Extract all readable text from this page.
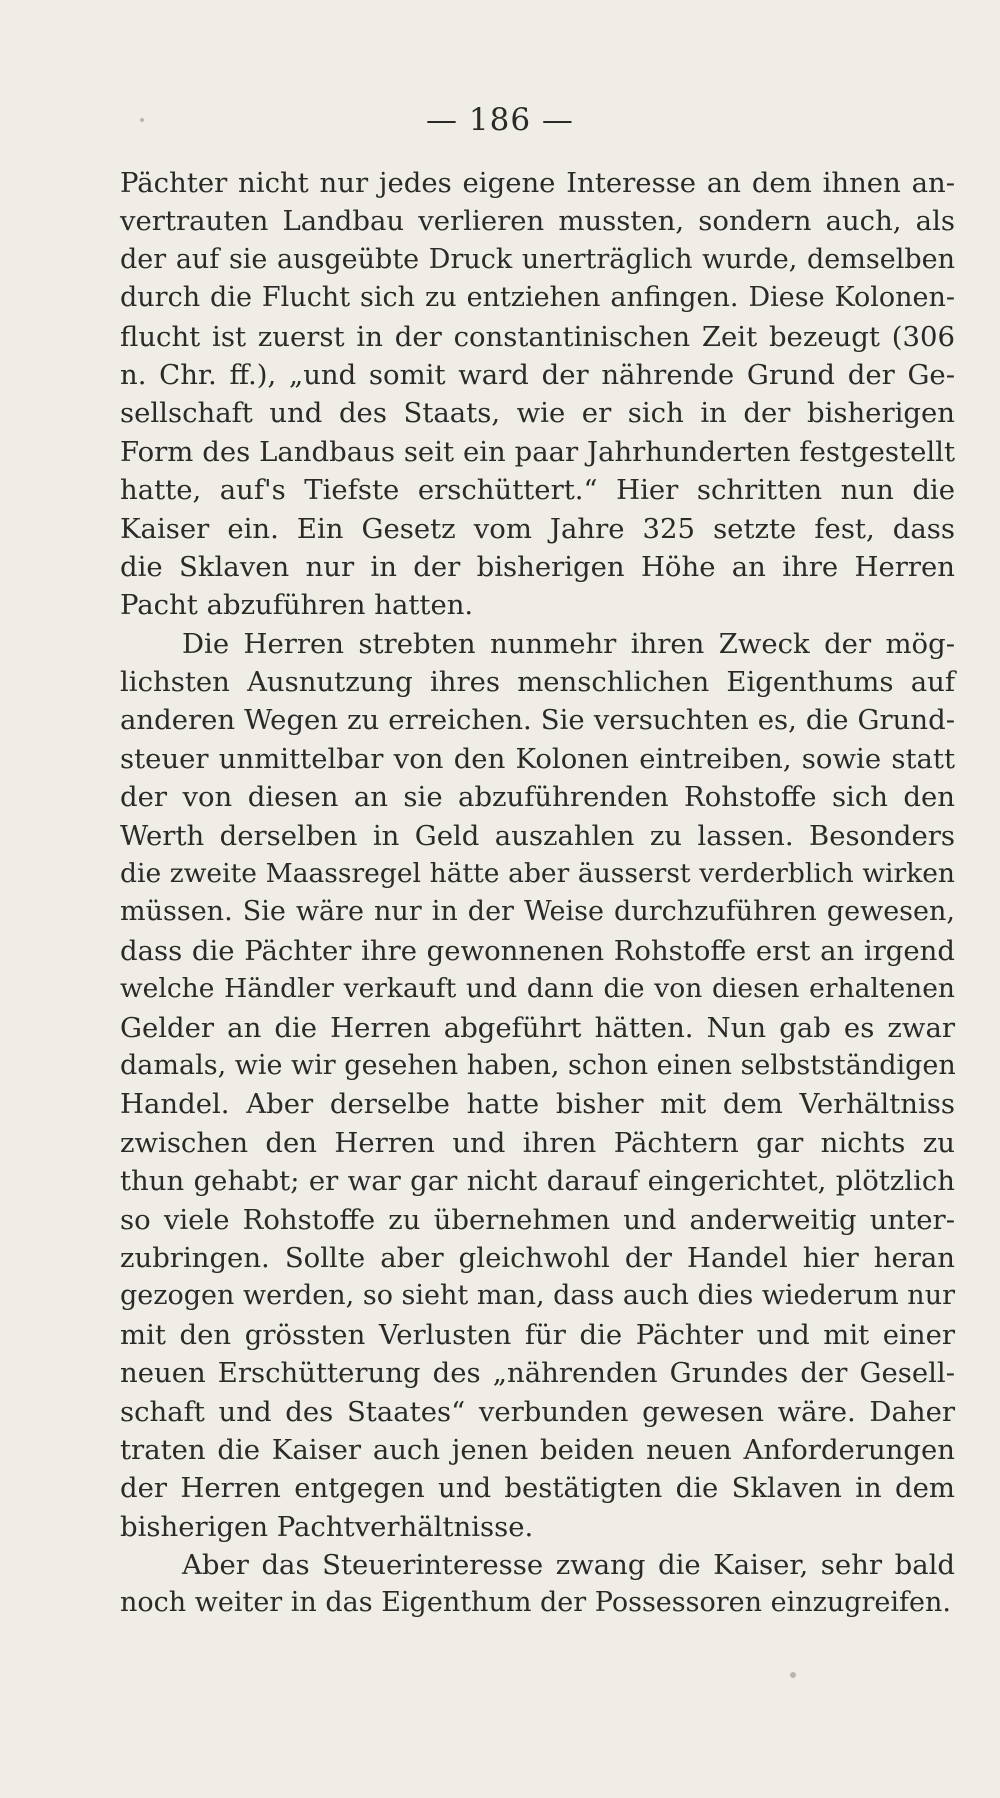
— 186 —
Pächter nicht nur jedes eigene Interesse an dem ihnen an-
vertrauten Landbau verlieren mussten, sondern auch, als
der auf sie ausgeübte Druck unerträglich wurde, demselben
durch die Flucht sich zu entziehen anfingen. Diese Kolonen-
flucht ist zuerst in der constantinischen Zeit bezeugt (306
n. Chr. ff.), „und somit ward der nährende Grund der Ge-
sellschaft und des Staats, wie er sich in der bisherigen
Form des Landbaus seit ein paar Jahrhunderten festgestellt
hatte, auf's Tiefste erschüttert.“ Hier schritten nun die
Kaiser ein. Ein Gesetz vom Jahre 325 setzte fest, dass
die Sklaven nur in der bisherigen Höhe an ihre Herren
Pacht abzuführen hatten.
Die Herren strebten nunmehr ihren Zweck der mög-
lichsten Ausnutzung ihres menschlichen Eigenthums auf
anderen Wegen zu erreichen. Sie versuchten es, die Grund-
steuer unmittelbar von den Kolonen eintreiben, sowie statt
der von diesen an sie abzuführenden Rohstoffe sich den
Werth derselben in Geld auszahlen zu lassen. Besonders
die zweite Maassregel hätte aber äusserst verderblich wirken
müssen. Sie wäre nur in der Weise durchzuführen gewesen,
dass die Pächter ihre gewonnenen Rohstoffe erst an irgend
welche Händler verkauft und dann die von diesen erhaltenen
Gelder an die Herren abgeführt hätten. Nun gab es zwar
damals, wie wir gesehen haben, schon einen selbstständigen
Handel. Aber derselbe hatte bisher mit dem Verhältniss
zwischen den Herren und ihren Pächtern gar nichts zu
thun gehabt; er war gar nicht darauf eingerichtet, plötzlich
so viele Rohstoffe zu übernehmen und anderweitig unter-
zubringen. Sollte aber gleichwohl der Handel hier heran
gezogen werden, so sieht man, dass auch dies wiederum nur
mit den grössten Verlusten für die Pächter und mit einer
neuen Erschütterung des „nährenden Grundes der Gesell-
schaft und des Staates“ verbunden gewesen wäre. Daher
traten die Kaiser auch jenen beiden neuen Anforderungen
der Herren entgegen und bestätigten die Sklaven in dem
bisherigen Pachtverhältnisse.
Aber das Steuerinteresse zwang die Kaiser, sehr bald
noch weiter in das Eigenthum der Possessoren einzugreifen.
